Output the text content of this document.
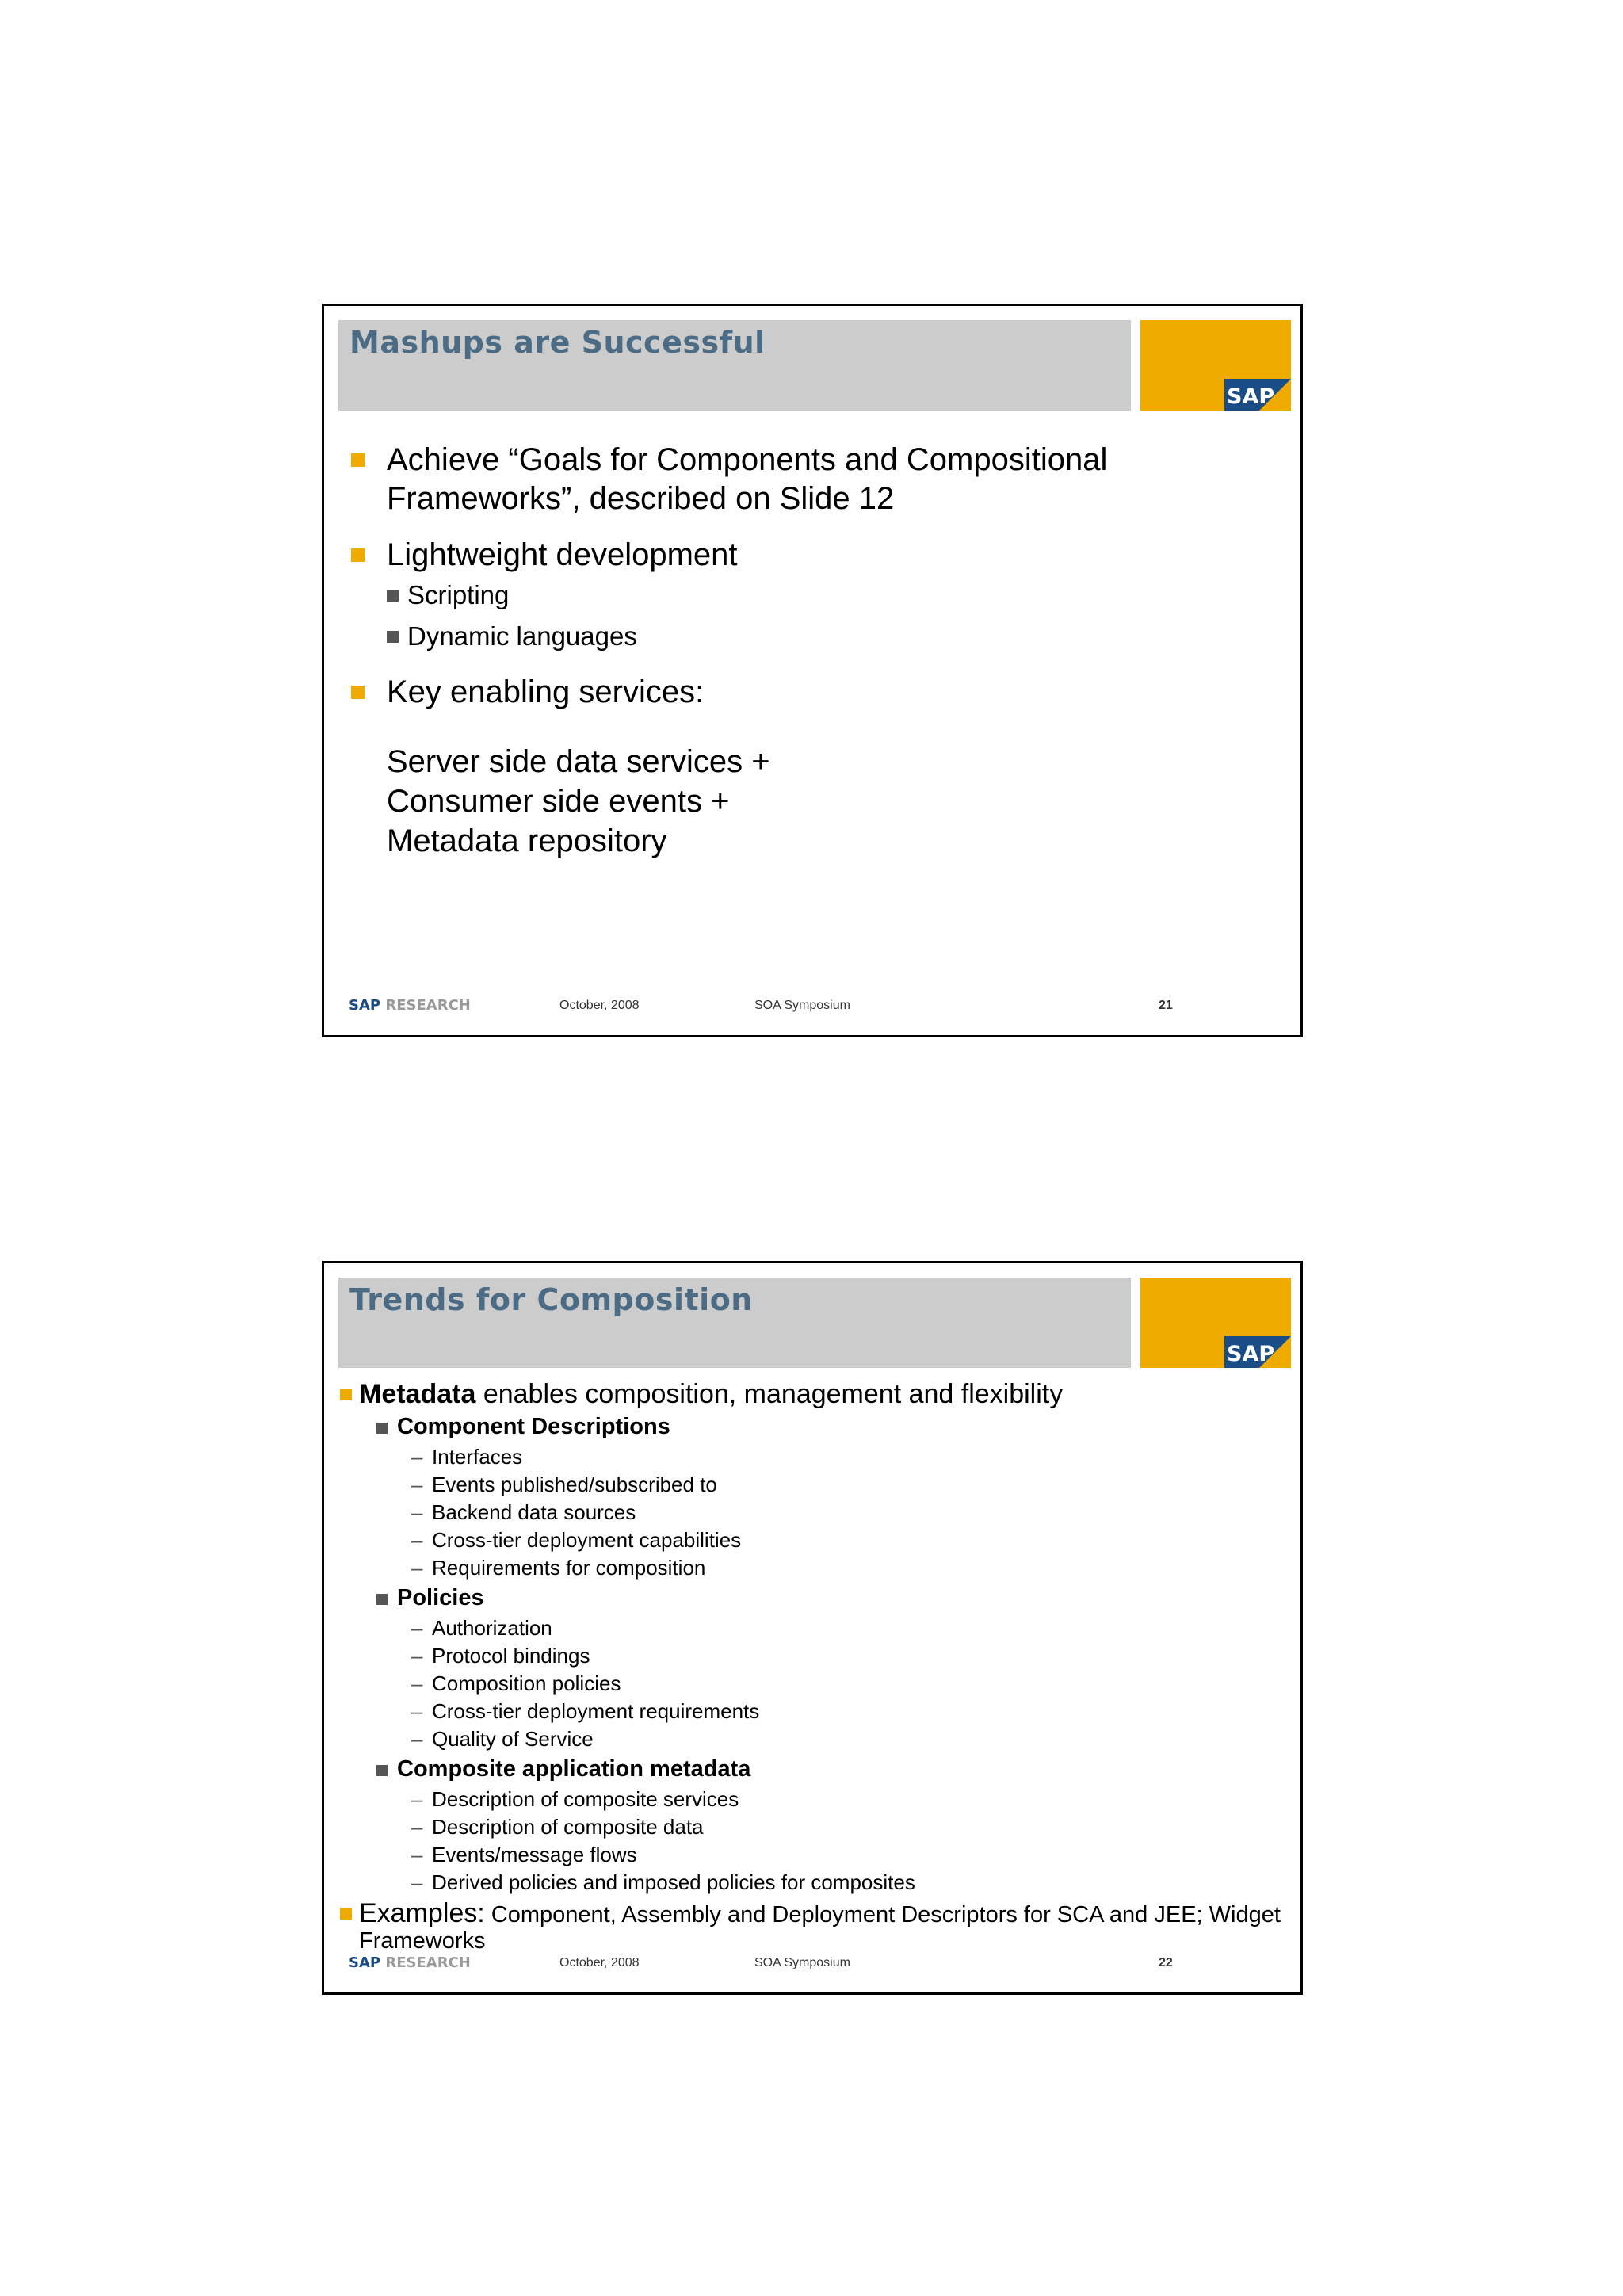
Mashups are Successful
SAP
Achieve “Goals for Components and Compositional Frameworks”, described on Slide 12
Lightweight development
Scripting
Dynamic languages
Key enabling services:
Server side data services +
Consumer side events +
Metadata repository
SAP RESEARCH	October, 2008	SOA Symposium	21
Trends for Composition
SAP
Metadata enables composition, management and flexibility
Component Descriptions
– Interfaces
– Events published/subscribed to
– Backend data sources
– Cross-tier deployment capabilities
– Requirements for composition
Policies
– Authorization
– Protocol bindings
– Composition policies
– Cross-tier deployment requirements
– Quality of Service
Composite application metadata
– Description of composite services
– Description of composite data
– Events/message flows
– Derived policies and imposed policies for composites
Examples: Component, Assembly and Deployment Descriptors for SCA and JEE; Widget Frameworks
SAP RESEARCH	October, 2008	SOA Symposium	22
